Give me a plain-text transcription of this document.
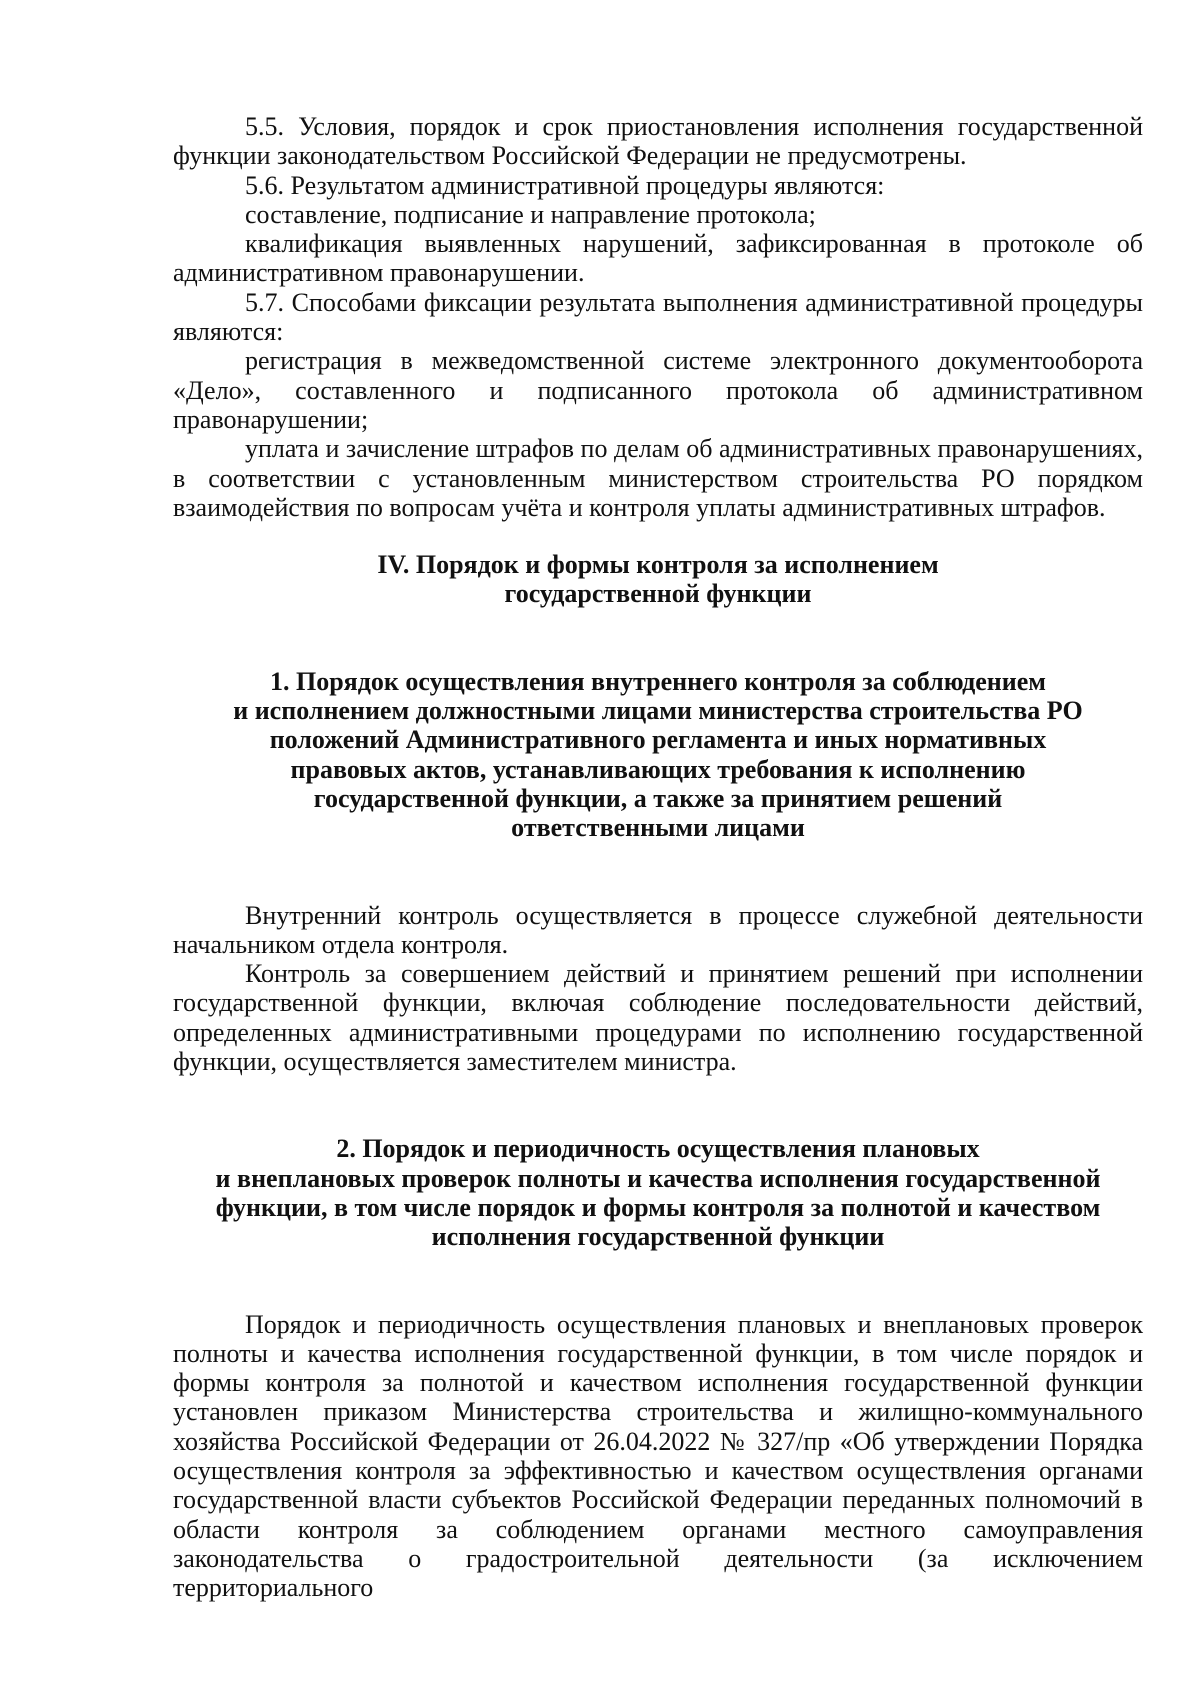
5.5. Условия, порядок и срок приостановления исполнения государственной функции законодательством Российской Федерации не предусмотрены.

5.6. Результатом административной процедуры являются:

составление, подписание и направление протокола;

квалификация выявленных нарушений, зафиксированная в протоколе об административном правонарушении.

5.7. Способами фиксации результата выполнения административной процедуры являются:

регистрация в межведомственной системе электронного документооборота «Дело», составленного и подписанного протокола об административном правонарушении;

уплата и зачисление штрафов по делам об административных правонарушениях, в соответствии с установленным министерством строительства РО порядком взаимодействия по вопросам учёта и контроля уплаты административных штрафов.

IV. Порядок и формы контроля за исполнением
государственной функции
1. Порядок осуществления внутреннего контроля за соблюдением
и исполнением должностными лицами министерства строительства РО
положений Административного регламента и иных нормативных
правовых актов, устанавливающих требования к исполнению
государственной функции, а также за принятием решений
ответственными лицами

Внутренний контроль осуществляется в процессе служебной деятельности начальником отдела контроля.

Контроль за совершением действий и принятием решений при исполнении государственной функции, включая соблюдение последовательности действий, определенных административными процедурами по исполнению государственной функции, осуществляется заместителем министра.

2. Порядок и периодичность осуществления плановых
и внеплановых проверок полноты и качества исполнения государственной
функции, в том числе порядок и формы контроля за полнотой и качеством
исполнения государственной функции

Порядок и периодичность осуществления плановых и внеплановых проверок полноты и качества исполнения государственной функции, в том числе порядок и формы контроля за полнотой и качеством исполнения государственной функции установлен приказом Министерства строительства и жилищно-коммунального хозяйства Российской Федерации от 26.04.2022 № 327/пр «Об утверждении Порядка осуществления контроля за эффективностью и качеством осуществления органами государственной власти субъектов Российской Федерации переданных полномочий в области контроля за соблюдением органами местного самоуправления законодательства о градостроительной деятельности (за исключением территориального
